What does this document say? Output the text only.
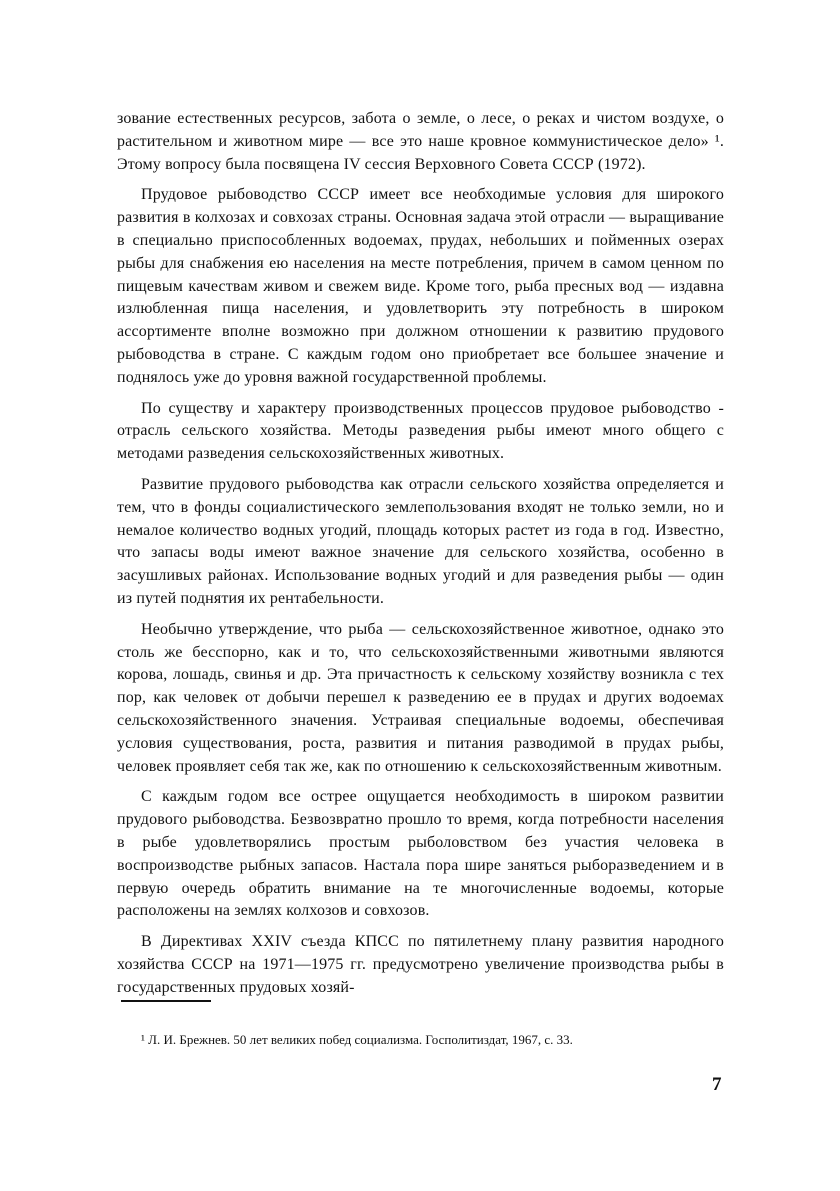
зование естественных ресурсов, забота о земле, о лесе, о реках и чистом воздухе, о растительном и животном мире — все это наше кровное коммунистическое дело» ¹. Этому вопросу была посвящена IV сессия Верховного Совета СССР (1972).

Прудовое рыбоводство СССР имеет все необходимые условия для широкого развития в колхозах и совхозах страны. Основная задача этой отрасли — выращивание в специально приспособленных водоемах, прудах, небольших и пойменных озерах рыбы для снабжения ею населения на месте потребления, причем в самом ценном по пищевым качествам живом и свежем виде. Кроме того, рыба пресных вод — издавна излюбленная пища населения, и удовлетворить эту потребность в широком ассортименте вполне возможно при должном отношении к развитию прудового рыбоводства в стране. С каждым годом оно приобретает все большее значение и поднялось уже до уровня важной государственной проблемы.

По существу и характеру производственных процессов прудовое рыбоводство - отрасль сельского хозяйства. Методы разведения рыбы имеют много общего с методами разведения сельскохозяйственных животных.

Развитие прудового рыбоводства как отрасли сельского хозяйства определяется и тем, что в фонды социалистического землепользования входят не только земли, но и немалое количество водных угодий, площадь которых растет из года в год. Известно, что запасы воды имеют важное значение для сельского хозяйства, особенно в засушливых районах. Использование водных угодий и для разведения рыбы — один из путей поднятия их рентабельности.

Необычно утверждение, что рыба — сельскохозяйственное животное, однако это столь же бесспорно, как и то, что сельскохозяйственными животными являются корова, лошадь, свинья и др. Эта причастность к сельскому хозяйству возникла с тех пор, как человек от добычи перешел к разведению ее в прудах и других водоемах сельскохозяйственного значения. Устраивая специальные водоемы, обеспечивая условия существования, роста, развития и питания разводимой в прудах рыбы, человек проявляет себя так же, как по отношению к сельскохозяйственным животным.

С каждым годом все острее ощущается необходимость в широком развитии прудового рыбоводства. Безвозвратно прошло то время, когда потребности населения в рыбе удовлетворялись простым рыболовством без участия человека в воспроизводстве рыбных запасов. Настала пора шире заняться рыборазведением и в первую очередь обратить внимание на те многочисленные водоемы, которые расположены на землях колхозов и совхозов.

В Директивах XXIV съезда КПСС по пятилетнему плану развития народного хозяйства СССР на 1971—1975 гг. предусмотрено увеличение производства рыбы в государственных прудовых хозяй-

¹ Л. И. Брежнев. 50 лет великих побед социализма. Госполитиздат, 1967, с. 33.

7
